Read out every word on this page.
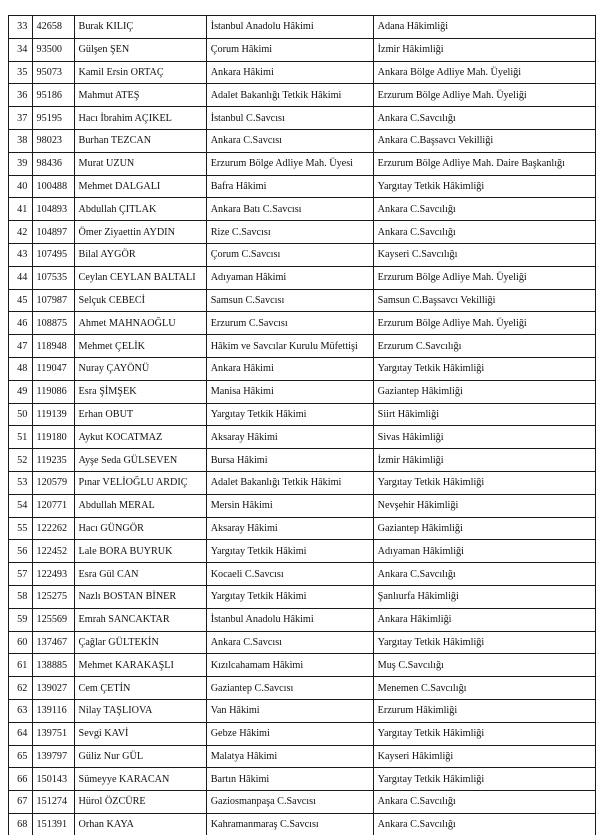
33	42658	Burak KILIÇ	İstanbul Anadolu Hâkimi	Adana Hâkimliği
34	93500	Gülşen ŞEN	Çorum Hâkimi	İzmir Hâkimliği
35	95073	Kamil Ersin ORTAÇ	Ankara Hâkimi	Ankara Bölge Adliye Mah. Üyeliği
36	95186	Mahmut ATEŞ	Adalet Bakanlığı Tetkik Hâkimi	Erzurum Bölge Adliye Mah. Üyeliği
37	95195	Hacı İbrahim AÇIKEL	İstanbul C.Savcısı	Ankara C.Savcılığı
38	98023	Burhan TEZCAN	Ankara C.Savcısı	Ankara C.Başsavcı Vekilliği
39	98436	Murat UZUN	Erzurum Bölge Adliye Mah. Üyesi	Erzurum Bölge Adliye Mah. Daire Başkanlığı
40	100488	Mehmet DALGALI	Bafra Hâkimi	Yargıtay Tetkik Hâkimliği
41	104893	Abdullah ÇITLAK	Ankara Batı C.Savcısı	Ankara C.Savcılığı
42	104897	Ömer Ziyaettin AYDIN	Rize C.Savcısı	Ankara C.Savcılığı
43	107495	Bilal AYGÖR	Çorum C.Savcısı	Kayseri C.Savcılığı
44	107535	Ceylan CEYLAN BALTALI	Adıyaman Hâkimi	Erzurum Bölge Adliye Mah. Üyeliği
45	107987	Selçuk CEBECİ	Samsun C.Savcısı	Samsun C.Başsavcı Vekilliği
46	108875	Ahmet MAHNAOĞLU	Erzurum C.Savcısı	Erzurum Bölge Adliye Mah. Üyeliği
47	118948	Mehmet ÇELİK	Hâkim ve Savcılar Kurulu Müfettişi	Erzurum C.Savcılığı
48	119047	Nuray ÇAYÖNÜ	Ankara Hâkimi	Yargıtay Tetkik Hâkimliği
49	119086	Esra ŞİMŞEK	Manisa Hâkimi	Gaziantep Hâkimliği
50	119139	Erhan OBUT	Yargıtay Tetkik Hâkimi	Siirt Hâkimliği
51	119180	Aykut KOCATMAZ	Aksaray Hâkimi	Sivas Hâkimliği
52	119235	Ayşe Seda GÜLSEVEN	Bursa Hâkimi	İzmir Hâkimliği
53	120579	Pınar VELİOĞLU ARDIÇ	Adalet Bakanlığı Tetkik Hâkimi	Yargıtay Tetkik Hâkimliği
54	120771	Abdullah MERAL	Mersin Hâkimi	Nevşehir Hâkimliği
55	122262	Hacı GÜNGÖR	Aksaray Hâkimi	Gaziantep Hâkimliği
56	122452	Lale BORA BUYRUK	Yargıtay Tetkik Hâkimi	Adıyaman Hâkimliği
57	122493	Esra Gül CAN	Kocaeli C.Savcısı	Ankara C.Savcılığı
58	125275	Nazlı BOSTAN BİNER	Yargıtay Tetkik Hâkimi	Şanlıurfa Hâkimliği
59	125569	Emrah SANCAKTAR	İstanbul Anadolu Hâkimi	Ankara Hâkimliği
60	137467	Çağlar GÜLTEKİN	Ankara C.Savcısı	Yargıtay Tetkik Hâkimliği
61	138885	Mehmet KARAKAŞLI	Kızılcahamam Hâkimi	Muş C.Savcılığı
62	139027	Cem ÇETİN	Gaziantep C.Savcısı	Menemen C.Savcılığı
63	139116	Nilay TAŞLIOVA	Van Hâkimi	Erzurum Hâkimliği
64	139751	Sevgi KAVİ	Gebze Hâkimi	Yargıtay Tetkik Hâkimliği
65	139797	Güliz Nur GÜL	Malatya Hâkimi	Kayseri Hâkimliği
66	150143	Sümeyye KARACAN	Bartın Hâkimi	Yargıtay Tetkik Hâkimliği
67	151274	Hürol ÖZCÜRE	Gaziosmanpaşa C.Savcısı	Ankara C.Savcılığı
68	151391	Orhan KAYA	Kahramanmaraş C.Savcısı	Ankara C.Savcılığı
